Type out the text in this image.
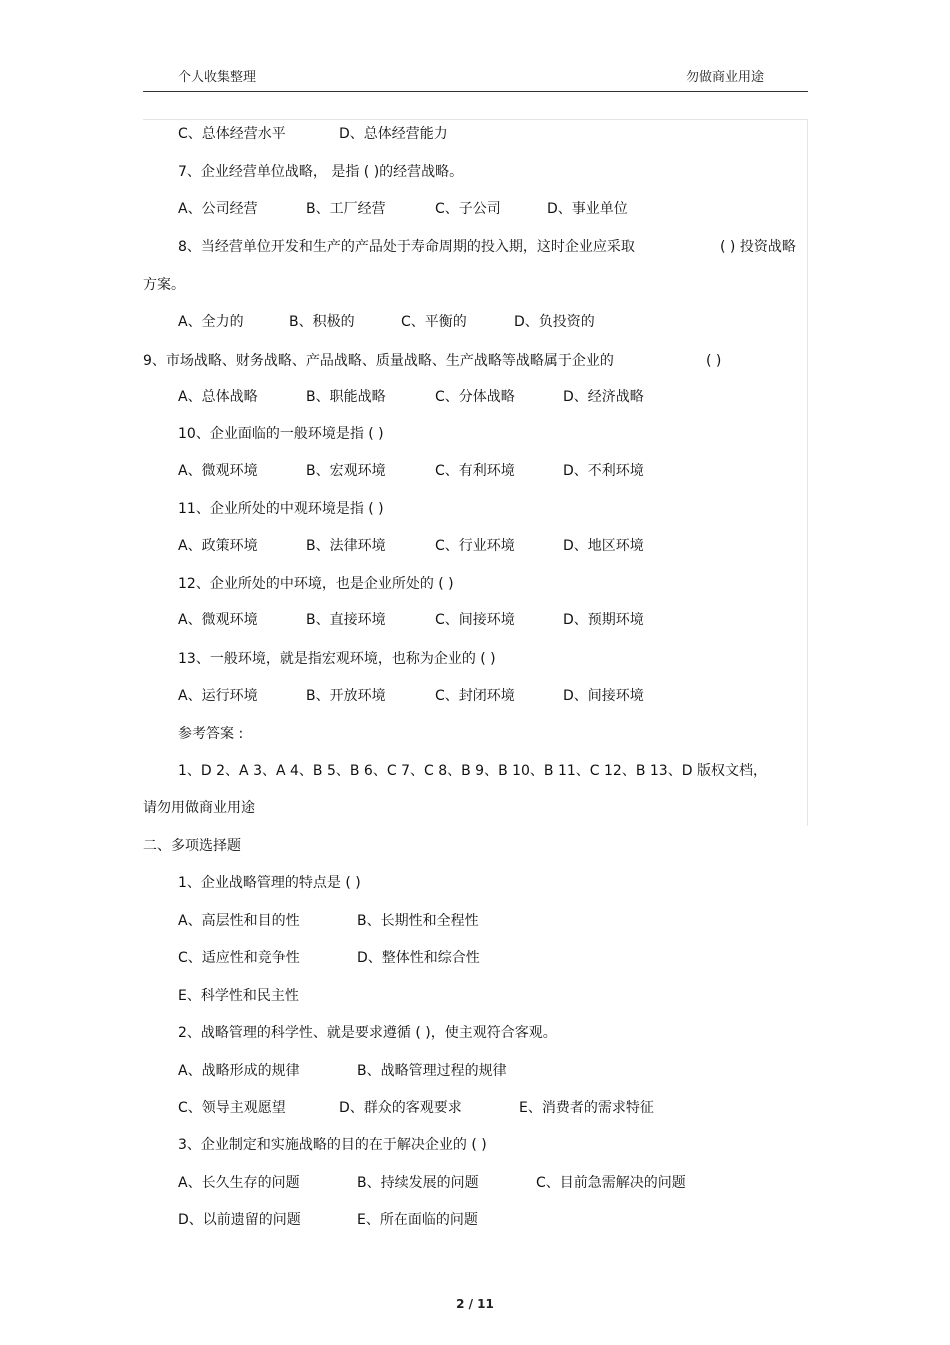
个人收集整理	勿做商业用途
C、总体经营水平	D、总体经营能力
7、企业经营单位战略， 是指 ( )的经营战略。
A、公司经营	B、工厂经营	C、子公司	D、事业单位
8、当经营单位开发和生产的产品处于寿命周期的投入期，这时企业应采取	( ) 投资战略
方案。
A、全力的	B、积极的	C、平衡的	D、负投资的
9、市场战略、财务战略、产品战略、质量战略、生产战略等战略属于企业的	( )
A、总体战略	B、职能战略	C、分体战略	D、经济战略
10、企业面临的一般环境是指 ( )
A、微观环境	B、宏观环境	C、有利环境	D、不利环境
11、企业所处的中观环境是指 ( )
A、政策环境	B、法律环境	C、行业环境	D、地区环境
12、企业所处的中环境，也是企业所处的 ( )
A、微观环境	B、直接环境	C、间接环境	D、预期环境
13、一般环境，就是指宏观环境，也称为企业的 ( )
A、运行环境	B、开放环境	C、封闭环境	D、间接环境
参考答案 :
1、D 2、A 3、A 4、B 5、B 6、C 7、C 8、B 9、B 10、B 11、C 12、B 13、D 版权文档，
请勿用做商业用途
二、多项选择题
1、企业战略管理的特点是 ( )
A、高层性和目的性	B、长期性和全程性
C、适应性和竞争性	D、整体性和综合性
E、科学性和民主性
2、战略管理的科学性、就是要求遵循 ( )，使主观符合客观。
A、战略形成的规律	B、战略管理过程的规律
C、领导主观愿望	D、群众的客观要求	E、消费者的需求特征
3、企业制定和实施战略的目的在于解决企业的 ( )
A、长久生存的问题	B、持续发展的问题	C、目前急需解决的问题
D、以前遗留的问题	E、所在面临的问题
2 / 11
